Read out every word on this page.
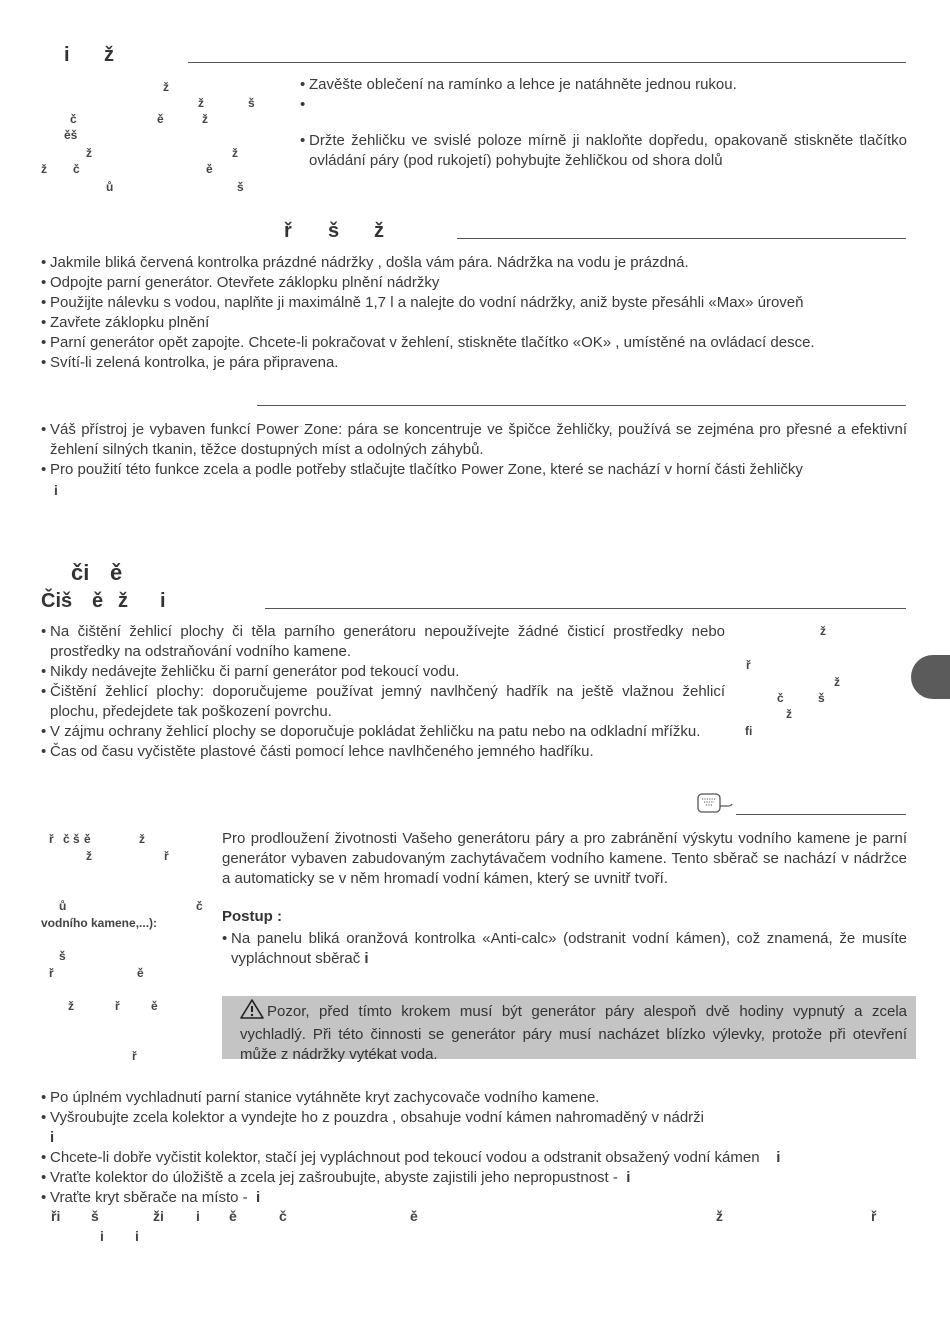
i ž
ž
ž	š
č	ě	ž
ěš
ž	ž
ž č	ě
ů	š
• Zavěšte oblečení na ramínko a lehce je natáhněte jednou rukou.
•
• Držte žehličku ve svislé poloze mírně ji nakloňte dopředu, opakovaně stiskněte tlačítko ovládání páry (pod rukojetí) pohybujte žehličkou od shora dolů
ř š ž
• Jakmile bliká červená kontrolka prázdné nádržky , došla vám pára. Nádržka na vodu je prázdná.
• Odpojte parní generátor. Otevřete záklopku plnění nádržky
• Použijte nálevku s vodou, naplňte ji maximálně 1,7 l a nalejte do vodní nádržky, aniž byste přesáhli «Max» úroveň
• Zavřete záklopku plnění
• Parní generátor opět zapojte. Chcete-li pokračovat v žehlení, stiskněte tlačítko «OK» , umístěné na ovládací desce.
• Svítí-li zelená kontrolka, je pára připravena.
• Váš přístroj je vybaven funkcí Power Zone: pára se koncentruje ve špičce žehličky, používá se zejména pro přesné a efektivní žehlení silných tkanin, těžce dostupných míst a odolných záhybů.
• Pro použití této funkce zcela a podle potřeby stlačujte tlačítko Power Zone, které se nachází v horní části žehličky
i
či ě
Čiš ě ž i
• Na čištění žehlicí plochy či těla parního generátoru nepoužívejte žádné čisticí prostředky nebo prostředky na odstraňování vodního kamene.
• Nikdy nedávejte žehličku či parní generátor pod tekoucí vodu.
• Čištění žehlicí plochy: doporučujeme používat jemný navlhčený hadřík na ještě vlažnou žehlicí plochu, předejdete tak poškození povrchu.
• V zájmu ochrany žehlicí plochy se doporučuje pokládat žehličku na patu nebo na odkladní mřížku.
• Čas od času vyčistěte plastové části pomocí lehce navlhčeného jemného hadříku.
ž
ř
ž
č	š
ž
fi
ř č š ě	ž
ž	ř
ů	č
vodního kamene,...):
š
ř	ě
ž	ř	ě
ř
Pro prodloužení životnosti Vašeho generátoru páry a pro zabránění výskytu vodního kamene je parní generátor vybaven zabudovaným zachytávačem vodního kamene. Tento sběrač se nachází v nádržce a automaticky se v něm hromadí vodní kámen, který se uvnitř tvoří.
Postup :
• Na panelu bliká oranžová kontrolka «Anti-calc» (odstranit vodní kámen), což znamená, že musíte vypláchnout sběrač i
Pozor, před tímto krokem musí být generátor páry alespoň dvě hodiny vypnutý a zcela vychladlý. Při této činnosti se generátor páry musí nacházet blízko výlevky, protože při otevření může z nádržky vytékat voda.
• Po úplném vychladnutí parní stanice vytáhněte kryt zachycovače vodního kamene.
• Vyšroubujte zcela kolektor a vyndejte ho z pouzdra , obsahuje vodní kámen nahromaděný v nádrži
i
• Chcete-li dobře vyčistit kolektor, stačí jej vypláchnout pod tekoucí vodou a odstranit obsažený vodní kámen i
• Vraťte kolektor do úložiště a zcela jej zašroubujte, abyste zajistili jeho nepropustnost - i
• Vraťte kryt sběrače na místo - i
ři š	ži i ě	č	ě	ž	ř
i i
